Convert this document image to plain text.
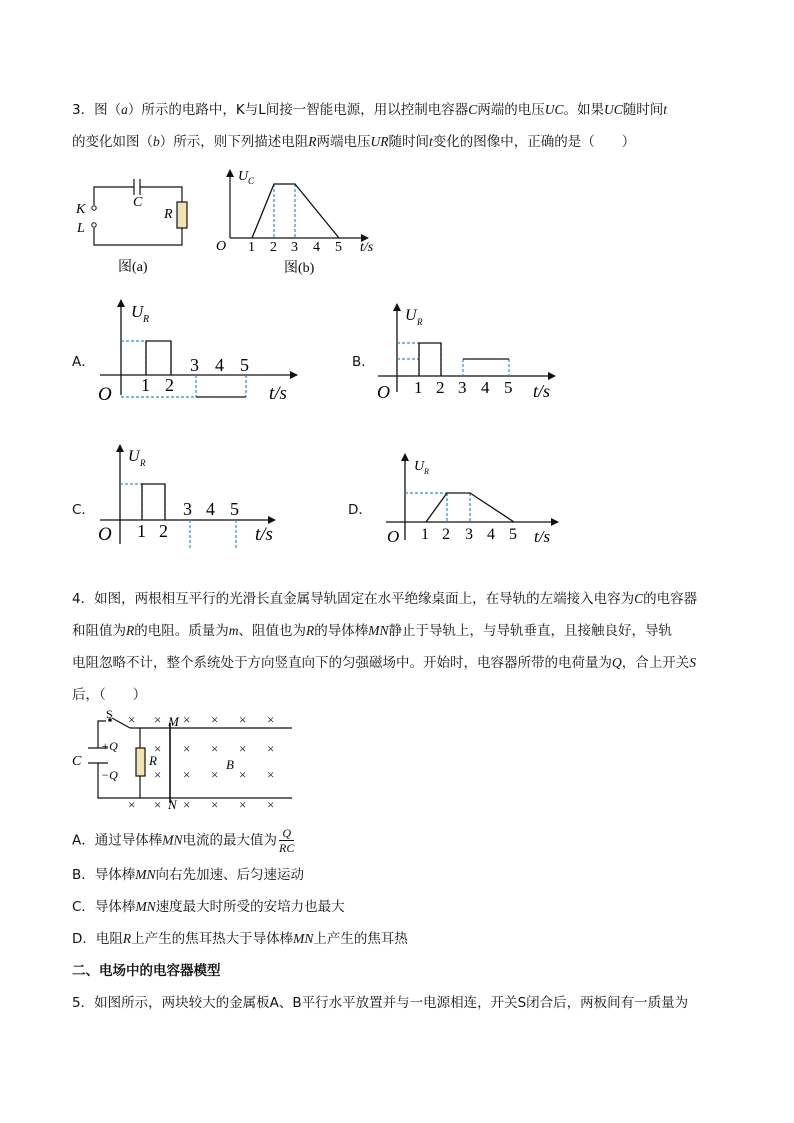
3．图（a）所示的电路中，K与L间接一智能电源，用以控制电容器C两端的电压UC。如果UC随时间t
的变化如图（b）所示，则下列描述电阻R两端电压UR随时间t变化的图像中，正确的是（　　）
K
L
C
R
图(a)
U C
O 1 2 3 4 5 t/s
图(b)
A．
U R
O 1 2
3 4 5
t/s
B．
U R
O 1 2 3 4 5 t/s
C．
U R
O 1 2
3 4 5
t/s
D．
U R
O 1 2 3 4 5 t/s
4．如图，两根相互平行的光滑长直金属导轨固定在水平绝缘桌面上，在导轨的左端接入电容为C的电容器
和阻值为R的电阻。质量为m、阻值也为R的导体棒MN静止于导轨上，与导轨垂直，且接触良好，导轨
电阻忽略不计，整个系统处于方向竖直向下的匀强磁场中。开始时，电容器所带的电荷量为Q，合上开关S
后，（　　）
S	M
N
C
+Q
−Q
R	B
× × × × × ×
× × × × ×
× × × × ×
× × × × × ×
A．通过导体棒MN电流的最大值为 $\frac{Q}{RC}$
B．导体棒MN向右先加速、后匀速运动
C．导体棒MN速度最大时所受的安培力也最大
D．电阻R上产生的焦耳热大于导体棒MN上产生的焦耳热
二、电场中的电容器模型
5．如图所示，两块较大的金属板A、B平行水平放置并与一电源相连，开关S闭合后，两板间有一质量为
